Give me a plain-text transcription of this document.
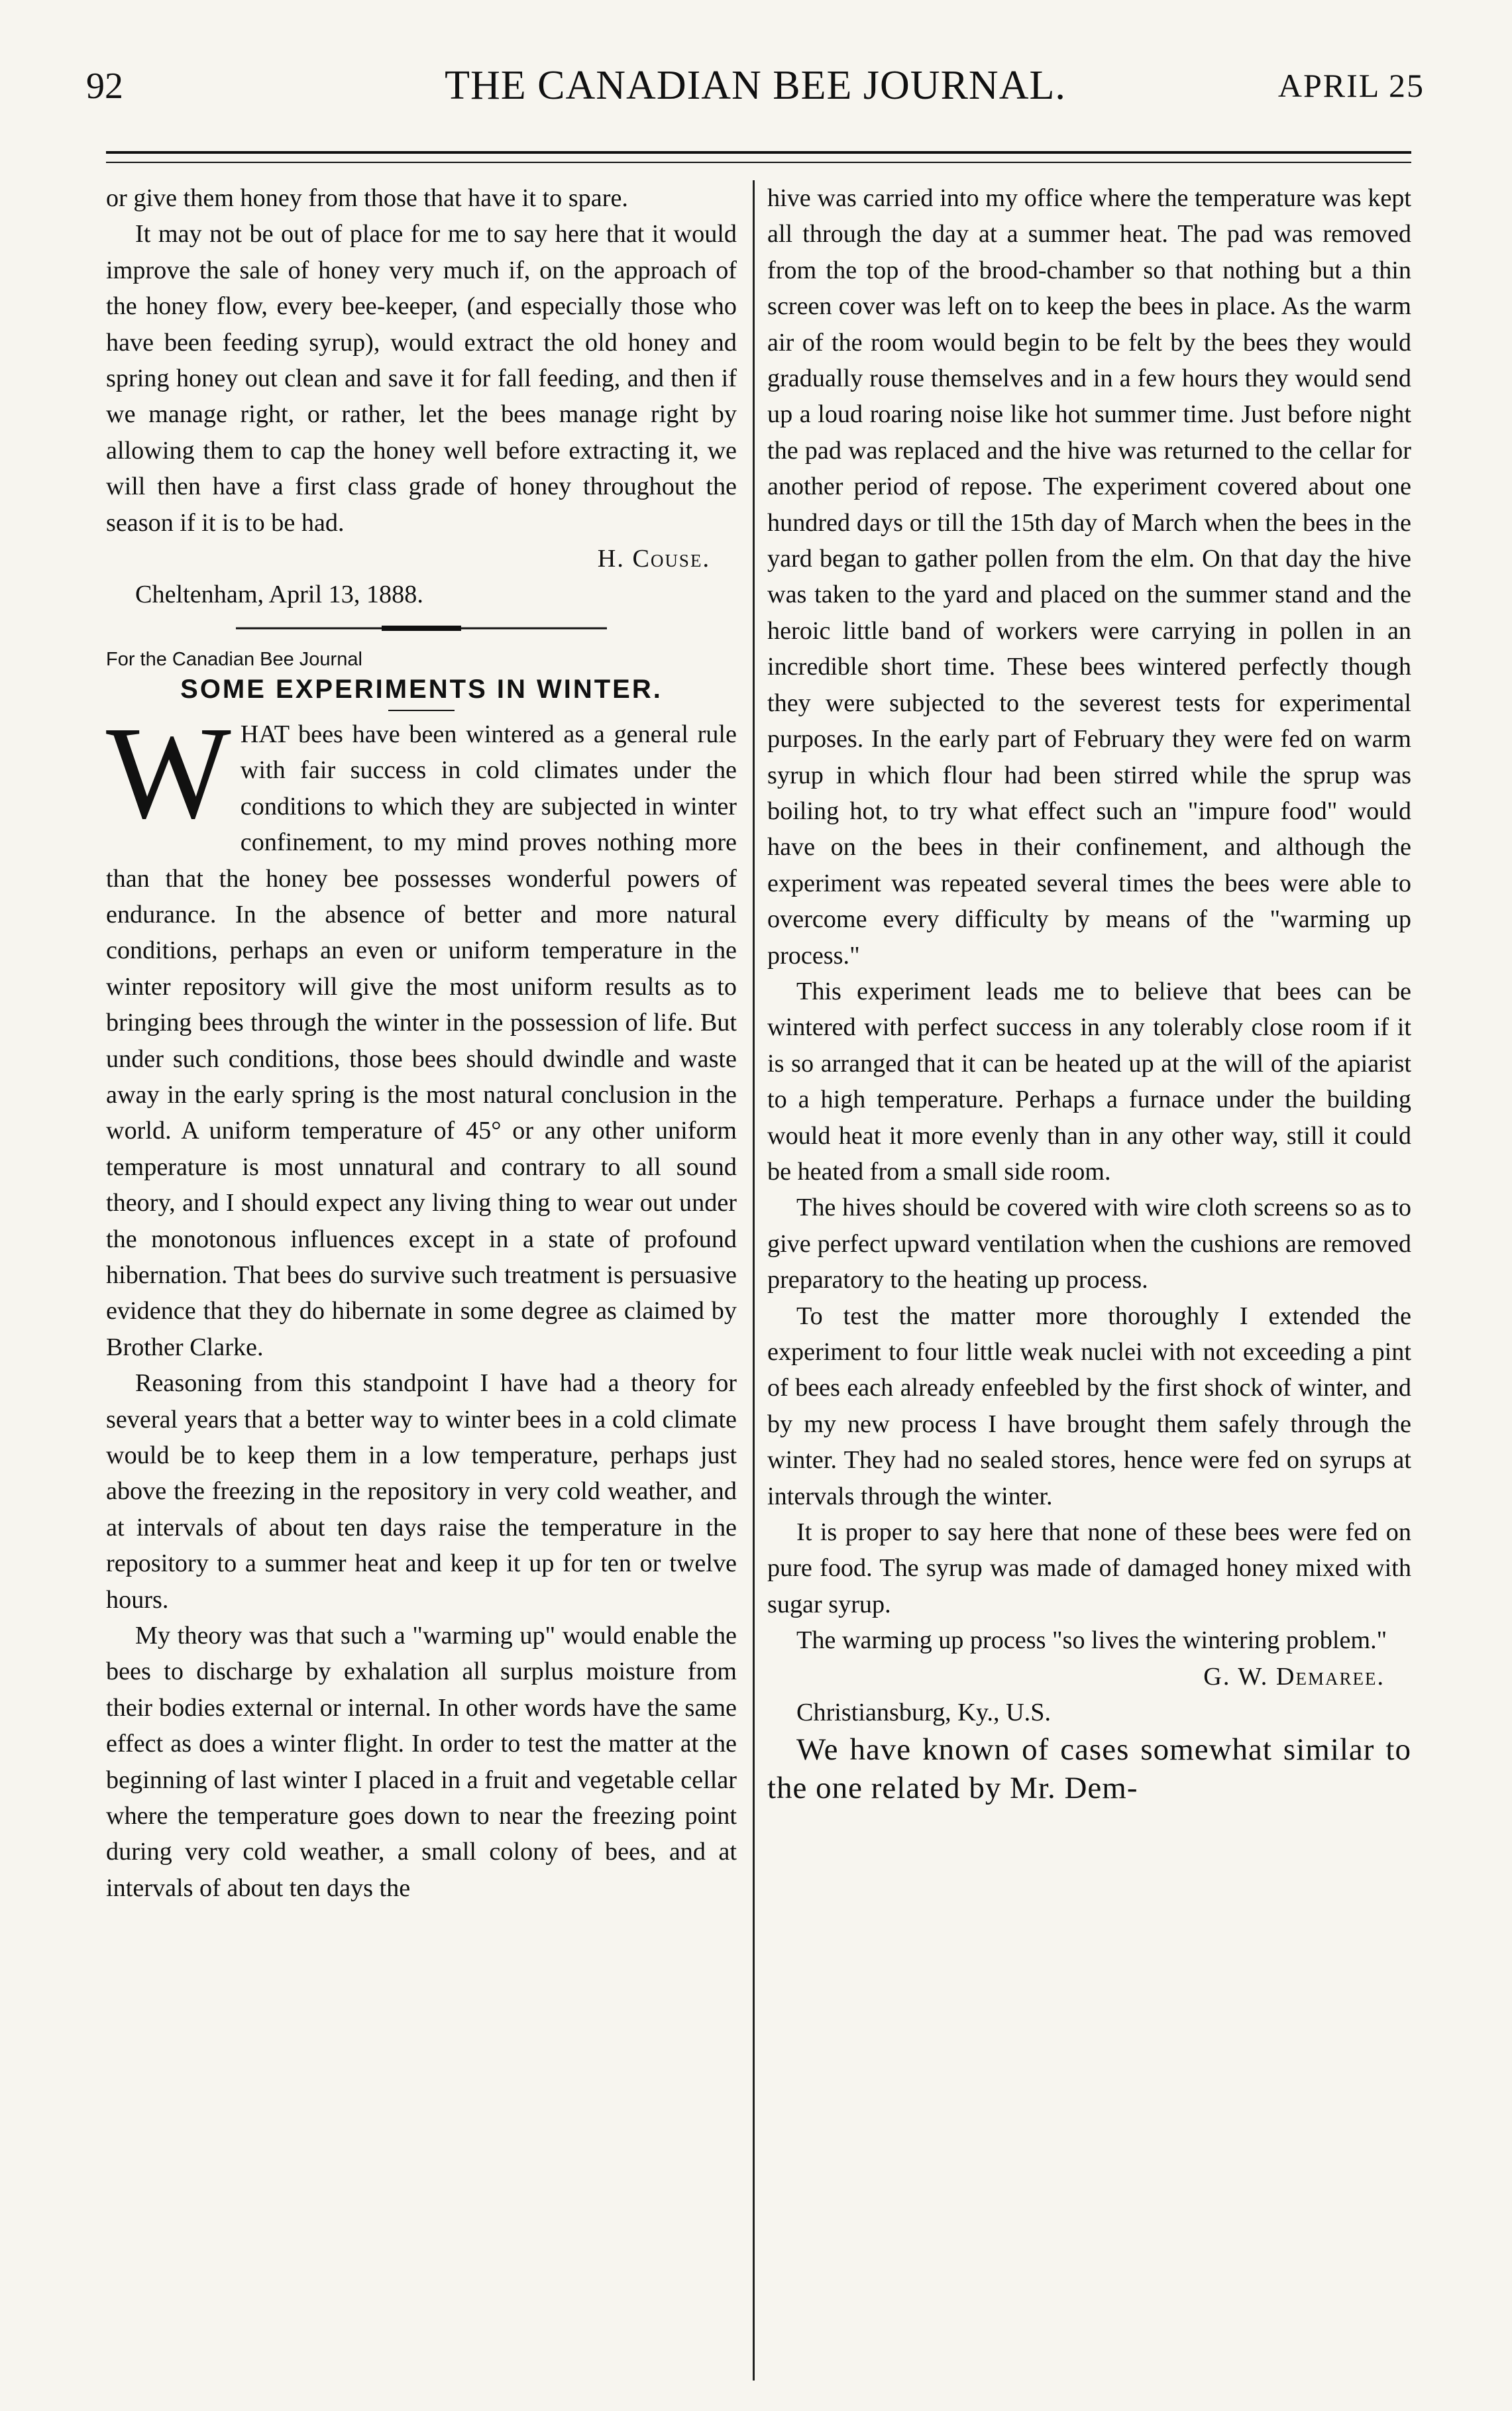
92	THE CANADIAN BEE JOURNAL.	APRIL 25

or give them honey from those that have it to spare.

It may not be out of place for me to say here that it would improve the sale of honey very much if, on the approach of the honey flow, every bee-keeper, (and especially those who have been feeding syrup), would extract the old honey and spring honey out clean and save it for fall feeding, and then if we manage right, or rather, let the bees manage right by allowing them to cap the honey well before extracting it, we will then have a first class grade of honey throughout the season if it is to be had.

H. Couse.

Cheltenham, April 13, 1888.

For the Canadian Bee Journal
SOME EXPERIMENTS IN WINTER.

WHAT bees have been wintered as a general rule with fair success in cold climates under the conditions to which they are subjected in winter confinement, to my mind proves nothing more than that the honey bee possesses wonderful powers of endurance. In the absence of better and more natural conditions, perhaps an even or uniform temperature in the winter repository will give the most uniform results as to bringing bees through the winter in the possession of life. But under such conditions, those bees should dwindle and waste away in the early spring is the most natural conclusion in the world. A uniform temperature of 45° or any other uniform temperature is most unnatural and contrary to all sound theory, and I should expect any living thing to wear out under the monotonous influences except in a state of profound hibernation. That bees do survive such treatment is persuasive evidence that they do hibernate in some degree as claimed by Brother Clarke.

Reasoning from this standpoint I have had a theory for several years that a better way to winter bees in a cold climate would be to keep them in a low temperature, perhaps just above the freezing in the repository in very cold weather, and at intervals of about ten days raise the temperature in the repository to a summer heat and keep it up for ten or twelve hours.

My theory was that such a "warming up" would enable the bees to discharge by exhalation all surplus moisture from their bodies external or internal. In other words have the same effect as does a winter flight. In order to test the matter at the beginning of last winter I placed in a fruit and vegetable cellar where the temperature goes down to near the freezing point during very cold weather, a small colony of bees, and at intervals of about ten days the

hive was carried into my office where the temperature was kept all through the day at a summer heat. The pad was removed from the top of the brood-chamber so that nothing but a thin screen cover was left on to keep the bees in place. As the warm air of the room would begin to be felt by the bees they would gradually rouse themselves and in a few hours they would send up a loud roaring noise like hot summer time. Just before night the pad was replaced and the hive was returned to the cellar for another period of repose. The experiment covered about one hundred days or till the 15th day of March when the bees in the yard began to gather pollen from the elm. On that day the hive was taken to the yard and placed on the summer stand and the heroic little band of workers were carrying in pollen in an incredible short time. These bees wintered perfectly though they were subjected to the severest tests for experimental purposes. In the early part of February they were fed on warm syrup in which flour had been stirred while the sprup was boiling hot, to try what effect such an "impure food" would have on the bees in their confinement, and although the experiment was repeated several times the bees were able to overcome every difficulty by means of the "warming up process."

This experiment leads me to believe that bees can be wintered with perfect success in any tolerably close room if it is so arranged that it can be heated up at the will of the apiarist to a high temperature. Perhaps a furnace under the building would heat it more evenly than in any other way, still it could be heated from a small side room.

The hives should be covered with wire cloth screens so as to give perfect upward ventilation when the cushions are removed preparatory to the heating up process.

To test the matter more thoroughly I extended the experiment to four little weak nuclei with not exceeding a pint of bees each already enfeebled by the first shock of winter, and by my new process I have brought them safely through the winter. They had no sealed stores, hence were fed on syrups at intervals through the winter.

It is proper to say here that none of these bees were fed on pure food. The syrup was made of damaged honey mixed with sugar syrup.

The warming up process "so lives the wintering problem."

G. W. Demaree.

Christiansburg, Ky., U.S.

We have known of cases somewhat similar to the one related by Mr. Dem-
